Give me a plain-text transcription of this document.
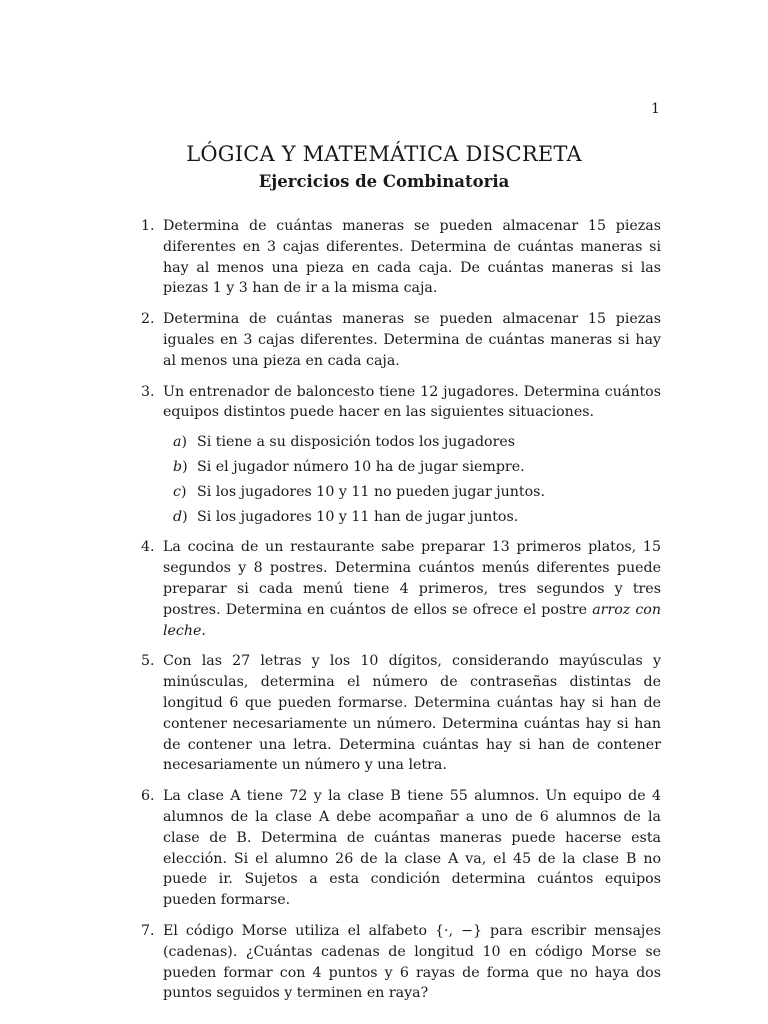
1
LÓGICA Y MATEMÁTICA DISCRETA
Ejercicios de Combinatoria
1. Determina de cuántas maneras se pueden almacenar 15 piezas diferentes en 3 cajas diferentes. Determina de cuántas maneras si hay al menos una pieza en cada caja. De cuántas maneras si las piezas 1 y 3 han de ir a la misma caja.
2. Determina de cuántas maneras se pueden almacenar 15 piezas iguales en 3 cajas diferentes. Determina de cuántas maneras si hay al menos una pieza en cada caja.
3. Un entrenador de baloncesto tiene 12 jugadores. Determina cuántos equipos distintos puede hacer en las siguientes situaciones.
a) Si tiene a su disposición todos los jugadores
b) Si el jugador número 10 ha de jugar siempre.
c) Si los jugadores 10 y 11 no pueden jugar juntos.
d) Si los jugadores 10 y 11 han de jugar juntos.
4. La cocina de un restaurante sabe preparar 13 primeros platos, 15 segundos y 8 postres. Determina cuántos menús diferentes puede preparar si cada menú tiene 4 primeros, tres segundos y tres postres. Determina en cuántos de ellos se ofrece el postre arroz con leche.
5. Con las 27 letras y los 10 dígitos, considerando mayúsculas y minúsculas, determina el número de contraseñas distintas de longitud 6 que pueden formarse. Determina cuántas hay si han de contener necesariamente un número. Determina cuántas hay si han de contener una letra. Determina cuántas hay si han de contener necesariamente un número y una letra.
6. La clase A tiene 72 y la clase B tiene 55 alumnos. Un equipo de 4 alumnos de la clase A debe acompañar a uno de 6 alumnos de la clase de B. Determina de cuántas maneras puede hacerse esta elección. Si el alumno 26 de la clase A va, el 45 de la clase B no puede ir. Sujetos a esta condición determina cuántos equipos pueden formarse.
7. El código Morse utiliza el alfabeto {·, −} para escribir mensajes (cadenas). ¿Cuántas cadenas de longitud 10 en código Morse se pueden formar con 4 puntos y 6 rayas de forma que no haya dos puntos seguidos y terminen en raya?
